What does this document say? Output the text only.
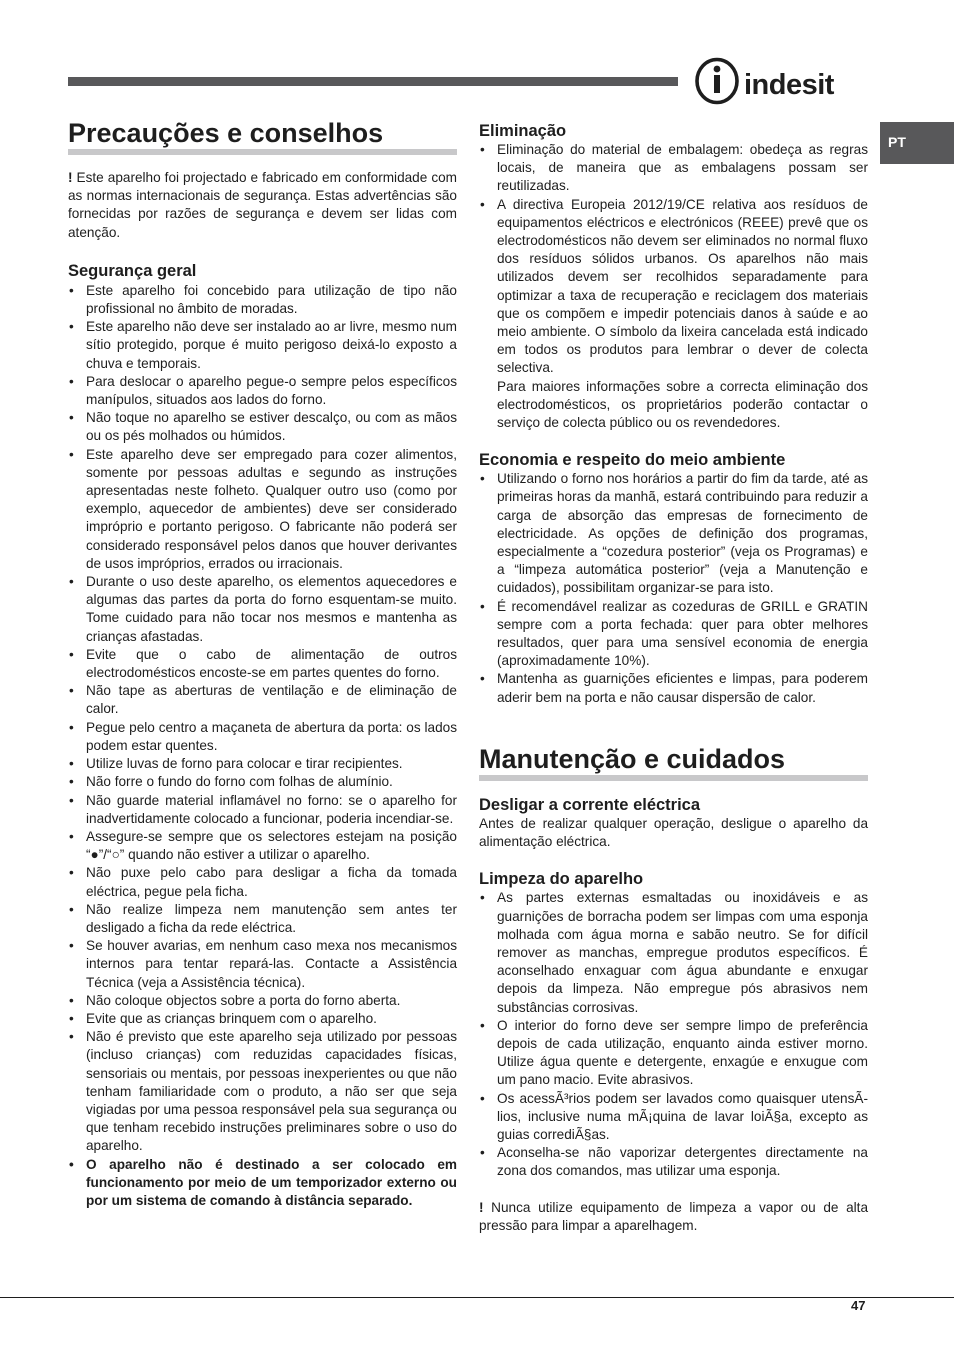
indesit
PT
Precauções e conselhos

! Este aparelho foi projectado e fabricado em conformidade com as normas internacionais de segurança. Estas advertências são fornecidas por razões de segurança e devem ser lidas com atenção.

Segurança geral
• Este aparelho foi concebido para utilização de tipo não profissional no âmbito de moradas.
• Este aparelho não deve ser instalado ao ar livre, mesmo num sítio protegido, porque é muito perigoso deixá-lo exposto a chuva e temporais.
• Para deslocar o aparelho pegue-o sempre pelos específicos manípulos, situados aos lados do forno.
• Não toque no aparelho se estiver descalço, ou com as mãos ou os pés molhados ou húmidos.
• Este aparelho deve ser empregado para cozer alimentos, somente por pessoas adultas e segundo as instruções apresentadas neste folheto. Qualquer outro uso (como por exemplo, aquecedor de ambientes) deve ser considerado impróprio e portanto perigoso. O fabricante não poderá ser considerado responsável pelos danos que houver derivantes de usos impróprios, errados ou irracionais.
• Durante o uso deste aparelho, os elementos aquecedores e algumas das partes da porta do forno esquentam-se muito. Tome cuidado para não tocar nos mesmos e mantenha as crianças afastadas.
• Evite que o cabo de alimentação de outros electrodomésticos encoste-se em partes quentes do forno.
• Não tape as aberturas de ventilação e de eliminação de calor.
• Pegue pelo centro a maçaneta de abertura da porta: os lados podem estar quentes.
• Utilize luvas de forno para colocar e tirar recipientes.
• Não forre o fundo do forno com folhas de alumínio.
• Não guarde material inflamável no forno: se o aparelho for inadvertidamente colocado a funcionar, poderia incendiar-se.
• Assegure-se sempre que os selectores estejam na posição “●”/“○” quando não estiver a utilizar o aparelho.
• Não puxe pelo cabo para desligar a ficha da tomada eléctrica, pegue pela ficha.
• Não realize limpeza nem manutenção sem antes ter desligado a ficha da rede eléctrica.
• Se houver avarias, em nenhum caso mexa nos mecanismos internos para tentar repará-las. Contacte a Assistência Técnica (veja a Assistência técnica).
• Não coloque objectos sobre a porta do forno aberta.
• Evite que as crianças brinquem com o aparelho.
• Não é previsto que este aparelho seja utilizado por pessoas (incluso crianças) com reduzidas capacidades físicas, sensoriais ou mentais, por pessoas inexperientes ou que não tenham familiaridade com o produto, a não ser que seja vigiadas por uma pessoa responsável pela sua segurança ou que tenham recebido instruções preliminares sobre o uso do aparelho.
• O aparelho não é destinado a ser colocado em funcionamento por meio de um temporizador externo ou por um sistema de comando à distância separado.
Eliminação
• Eliminação do material de embalagem: obedeça as regras locais, de maneira que as embalagens possam ser reutilizadas.
• A directiva Europeia 2012/19/CE relativa aos resíduos de equipamentos eléctricos e electrónicos (REEE) prevê que os electrodomésticos não devem ser eliminados no normal fluxo dos resíduos sólidos urbanos. Os aparelhos não mais utilizados devem ser recolhidos separadamente para optimizar a taxa de recuperação e reciclagem dos materiais que os compõem e impedir potenciais danos à saúde e ao meio ambiente. O símbolo da lixeira cancelada está indicado em todos os produtos para lembrar o dever de colecta selectiva.

Para maiores informações sobre a correcta eliminação dos electrodomésticos, os proprietários poderão contactar o serviço de colecta público ou os revendedores.

Economia e respeito do meio ambiente
• Utilizando o forno nos horários a partir do fim da tarde, até as primeiras horas da manhã, estará contribuindo para reduzir a carga de absorção das empresas de fornecimento de electricidade. As opções de definição dos programas, especialmente a “cozedura posterior” (veja os Programas) e a “limpeza automática posterior” (veja a Manutenção e cuidados), possibilitam organizar-se para isto.
• É recomendável realizar as cozeduras de GRILL e GRATIN sempre com a porta fechada: quer para obter melhores resultados, quer para uma sensível economia de energia (aproximadamente 10%).
• Mantenha as guarnições eficientes e limpas, para poderem aderir bem na porta e não causar dispersão de calor.
Manutenção e cuidados
Desligar a corrente eléctrica

Antes de realizar qualquer operação, desligue o aparelho da alimentação eléctrica.

Limpeza do aparelho
• As partes externas esmaltadas ou inoxidáveis e as guarnições de borracha podem ser limpas com uma esponja molhada com água morna e sabão neutro. Se for difícil remover as manchas, empregue produtos específicos. É aconselhado enxaguar com água abundante e enxugar depois da limpeza. Não empregue pós abrasivos nem substâncias corrosivas.
• O interior do forno deve ser sempre limpo de preferência depois de cada utilização, enquanto ainda estiver morno. Utilize água quente e detergente, enxagúe e enxugue com um pano macio. Evite abrasivos.
• Os acessÃ³rios podem ser lavados como quaisquer utensÃlios, inclusive numa mÃ¡quina de lavar loiÃ§a, excepto as guias corrediÃ§as.
• Aconselha-se não vaporizar detergentes directamente na zona dos comandos, mas utilizar uma esponja.

! Nunca utilize equipamento de limpeza a vapor ou de alta pressão para limpar a aparelhagem.

47
